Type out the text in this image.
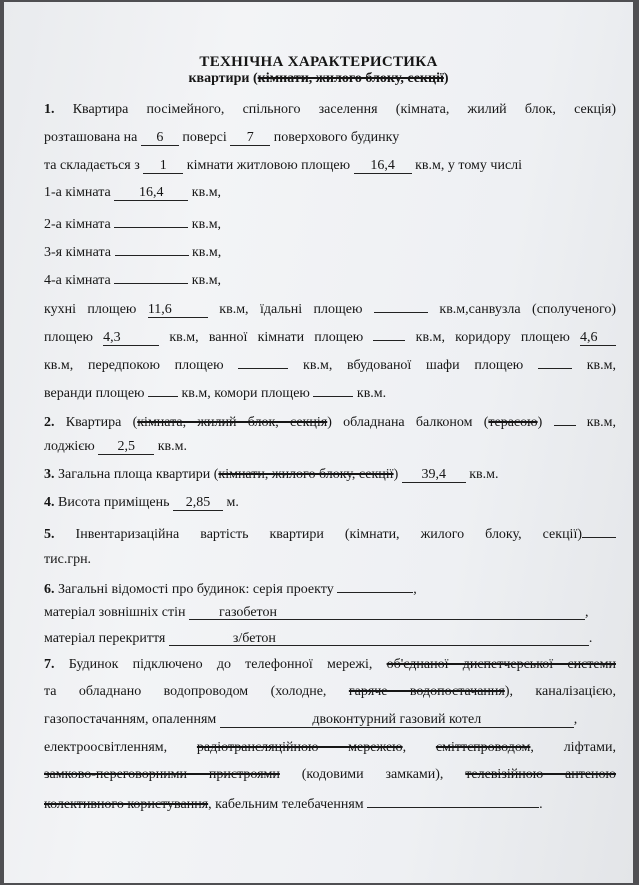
ТЕХНІЧНА ХАРАКТЕРИСТИКА
квартири (кімнати, жилого блоку, секції)
1. Квартира посімейного, спільного заселення (кімната, жилий блок, секція)
розташована на 6 поверсі 7 поверхового будинку
та складається з 1 кімнати житловою площею 16,4 кв.м, у тому числі
1-а кімната 16,4 кв.м,
2-а кімната	кв.м,
3-я кімната	кв.м,
4-а кімната	кв.м,
кухні площею 11,6	кв.м, їдальні площею	кв.м,санвузла (сполученого)
площею 4,3	кв.м, ванної кімнати площею	кв.м, коридору площею 4,6
кв.м, передпокою площею	кв.м, вбудованої шафи площею	кв.м,
веранди площею	кв.м, комори площею	кв.м.
2. Квартира (кімната, жилий блок, секція) обладнана балконом (терасою)	кв.м,
лоджією 2,5 кв.м.
3. Загальна площа квартири (кімнати, жилого блоку, секції) 39,4 кв.м.
4. Висота приміщень 2,85 м.
5. Інвентаризаційна вартість квартири (кімнати, жилого блоку, секції)
тис.грн.
6. Загальні відомості про будинок: серія проекту	,
матеріал зовнішніх стін газобетон	,
матеріал перекриття	з/бетон	.
7. Будинок підключено до телефонної мережі, об'єднаної диспетчерської системи
та обладнано водопроводом (холодне, гаряче водопостачання), каналізацією,
газопостачанням, опаленням	двоконтурний газовий котел	,
електроосвітленням, радіотрансляційною мережею, сміттєпроводом, ліфтами,
замково-переговорними пристроями (кодовими замками), телевізійною антеною
колективного користування, кабельним телебаченням	.
